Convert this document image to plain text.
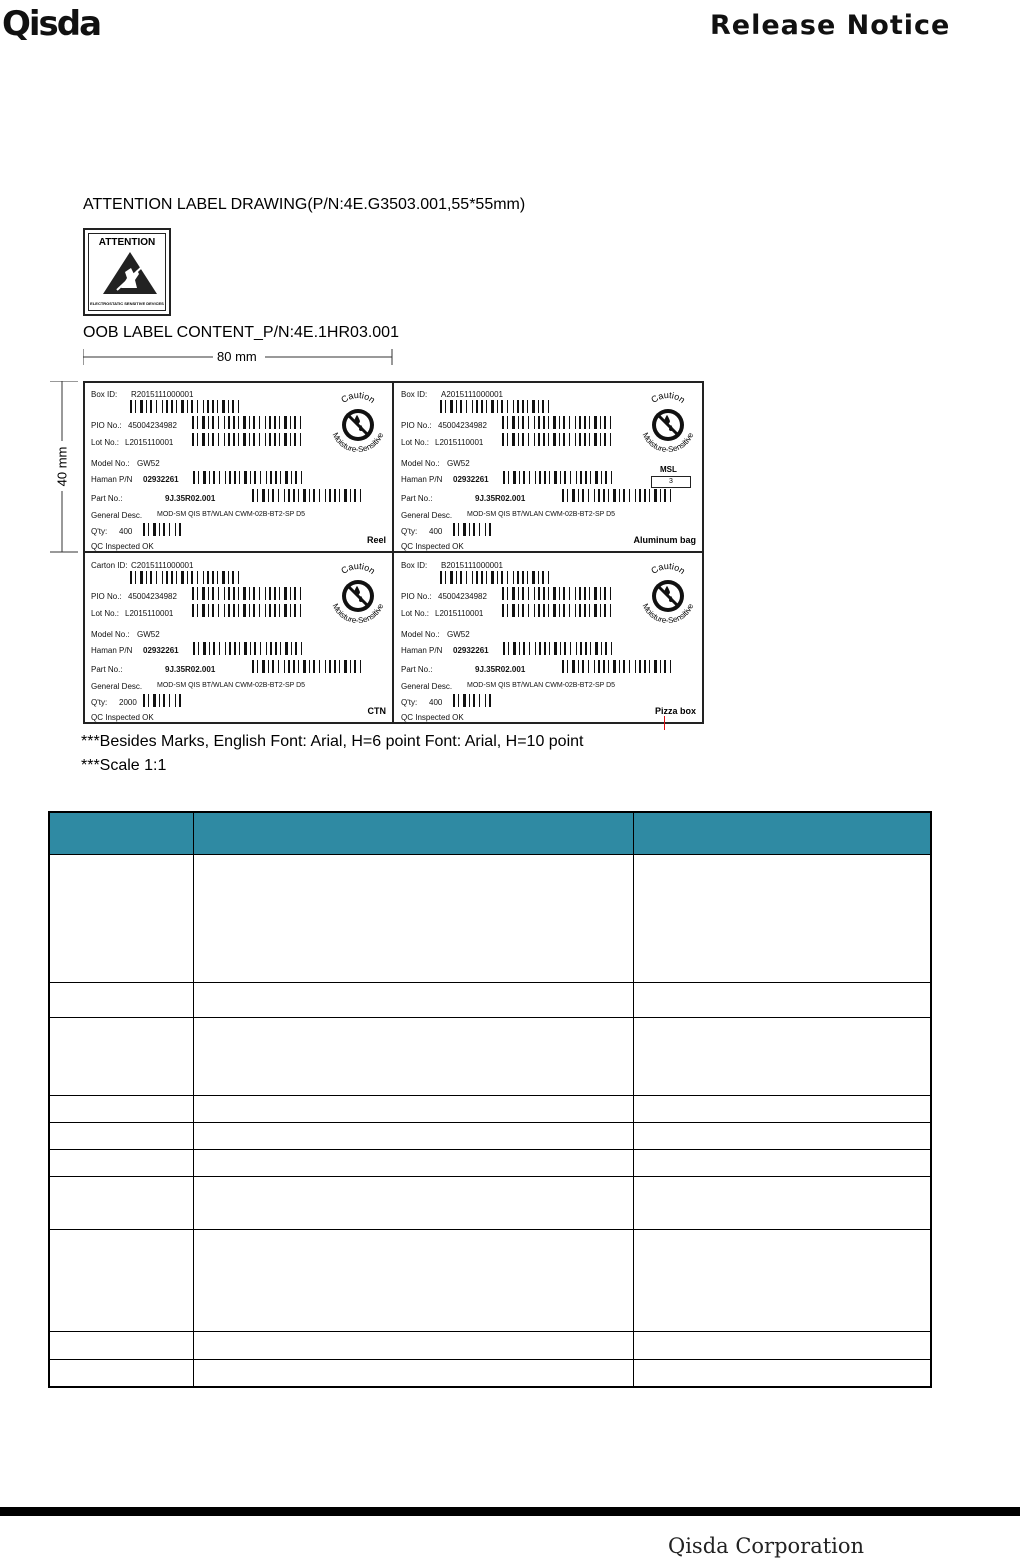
Qisda	Release Notice
ATTENTION LABEL DRAWING(P/N:4E.G3503.001,55*55mm)
ATTENTION
ELECTROSTATIC SENSITIVE DEVICES
OOB LABEL CONTENT_P/N:4E.1HR03.001
80 mm
40 mm
***Besides Marks, English Font: Arial, H=6 point Font: Arial, H=10 point
***Scale 1:1

Qisda Corporation
Box ID: R2015111000001
PIO No.: 45004234982
Lot No.: L2015110001
Model No.: GW52
Haman P/N 02932261
Part No.:	9J.35R02.001
General Desc. MOD-SM QIS BT/WLAN CWM-02B-BT2-SP D5
Q'ty: 400
QC Inspected OK
Reel
Caution
Moisture-Sensitive
Box ID: A2015111000001
PIO No.: 45004234982
Lot No.: L2015110001
Model No.: GW52
Haman P/N 02932261
Part No.:	9J.35R02.001
General Desc. MOD-SM QIS BT/WLAN CWM-02B-BT2-SP D5
Q'ty: 400
QC Inspected OK
Aluminum bag
Caution
Moisture-Sensitive
MSL
3
Carton ID: C2015111000001
PIO No.: 45004234982
Lot No.: L2015110001
Model No.: GW52
Haman P/N 02932261
Part No.:	9J.35R02.001
General Desc. MOD-SM QIS BT/WLAN CWM-02B-BT2-SP D5
Q'ty: 2000
QC Inspected OK
CTN
Caution
Moisture-Sensitive
Box ID: B2015111000001
PIO No.: 45004234982
Lot No.: L2015110001
Model No.: GW52
Haman P/N 02932261
Part No.:	9J.35R02.001
General Desc. MOD-SM QIS BT/WLAN CWM-02B-BT2-SP D5
Q'ty: 400
QC Inspected OK
Pizza box
Caution
Moisture-Sensitive
